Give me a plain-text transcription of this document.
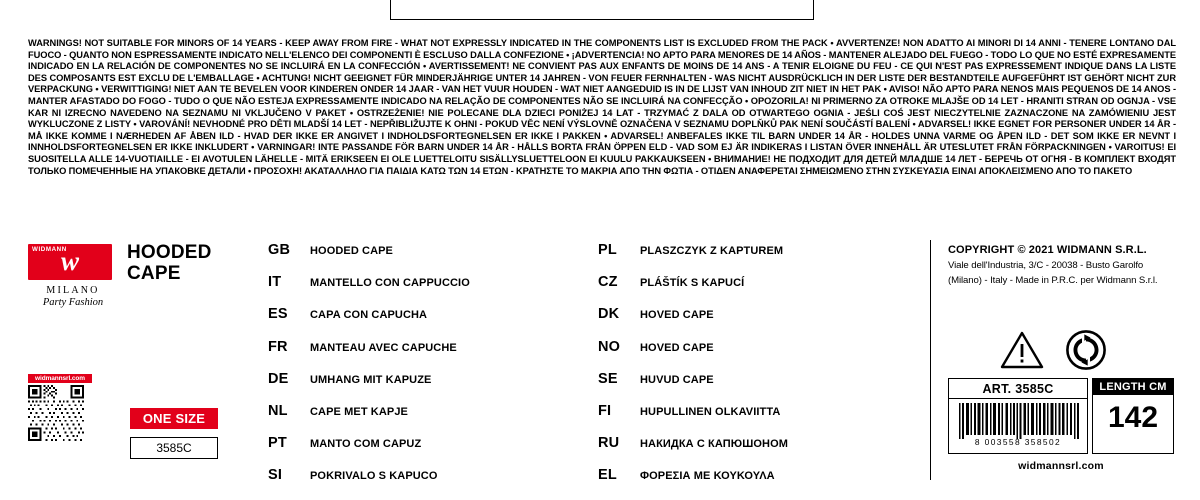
WARNINGS! NOT SUITABLE FOR MINORS OF 14 YEARS - KEEP AWAY FROM FIRE - WHAT NOT EXPRESSLY INDICATED IN THE COMPONENTS LIST IS EXCLUDED FROM THE PACK • AVVERTENZE! NON ADATTO AI MINORI DI 14 ANNI - TENERE LONTANO DAL FUOCO - QUANTO NON ESPRESSAMENTE INDICATO NELL'ELENCO DEI COMPONENTI È ESCLUSO DALLA CONFEZIONE • ¡ADVERTENCIA! NO APTO PARA MENORES DE 14 AÑOS - MANTENER ALEJADO DEL FUEGO - TODO LO QUE NO ESTÉ EXPRESAMENTE INDICADO EN LA RELACIÓN DE COMPONENTES NO SE INCLUIRÁ EN LA CONFECCIÓN • AVERTISSEMENT! NE CONVIENT PAS AUX ENFANTS DE MOINS DE 14 ANS - A TENIR ELOIGNE DU FEU - CE QUI N'EST PAS EXPRESSEMENT INDIQUE DANS LA LISTE DES COMPOSANTS EST EXCLU DE L'EMBALLAGE • ACHTUNG! NICHT GEEIGNET FÜR MINDERJÄHRIGE UNTER 14 JAHREN - VON FEUER FERNHALTEN - WAS NICHT AUSDRÜCKLICH IN DER LISTE DER BESTANDTEILE AUFGEFÜHRT IST GEHÖRT NICHT ZUR VERPACKUNG • VERWITTIGING! NIET AAN TE BEVELEN VOOR KINDEREN ONDER 14 JAAR - VAN HET VUUR HOUDEN - WAT NIET AANGEDUID IS IN DE LIJST VAN INHOUD ZIT NIET IN HET PAK • AVISO! NÃO APTO PARA NENOS MAIS PEQUENOS DE 14 ANOS - MANTER AFASTADO DO FOGO - TUDO O QUE NÃO ESTEJA EXPRESSAMENTE INDICADO NA RELAÇÃO DE COMPONENTES NÃO SE INCLUIRÁ NA CONFECÇÃO • OPOZORILA! NI PRIMERNO ZA OTROKE MLAJŠE OD 14 LET - HRANITI STRAN OD OGNJA - VSE KAR NI IZRECNO NAVEDENO NA SEZNAMU NI VKLJUČENO V PAKET • OSTRZEŻENIE! NIE POLECANE DLA DZIECI PONIŻEJ 14 LAT - TRZYMAĆ Z DALA OD OTWARTEGO OGNIA - JEŚLI COŚ JEST NIECZYTELNIE ZAZNACZONE NA ZAMÓWIENIU JEST WYKLUCZONE Z LISTY • VAROVÁNÍ! NEVHODNÉ PRO DĚTI MLADŠÍ 14 LET - NEPŘIBLIŽUJTE K OHNI - POKUD VĚC NENÍ VÝSLOVNĚ OZNAČENA V SEZNAMU DOPLŇKŮ PAK NENÍ SOUČÁSTÍ BALENÍ • ADVARSEL! IKKE EGNET FOR PERSONER UNDER 14 ÅR - MÅ IKKE KOMME I NÆRHEDEN AF ÅBEN ILD - HVAD DER IKKE ER ANGIVET I INDHOLDSFORTEGNELSEN ER IKKE I PAKKEN • ADVARSEL! ANBEFALES IKKE TIL BARN UNDER 14 ÅR - HOLDES UNNA VARME OG ÅPEN ILD - DET SOM IKKE ER NEVNT I INNHOLDSFORTEGNELSEN ER IKKE INKLUDERT • VARNINGAR! INTE PASSANDE FÖR BARN UNDER 14 ÅR - HÅLLS BORTA FRÅN ÖPPEN ELD - VAD SOM EJ ÄR INDIKERAS I LISTAN ÖVER INNEHÅLL ÄR UTESLUTET FRÅN FÖRPACKNINGEN • VAROITUS! EI SUOSITELLA ALLE 14-VUOTIAILLE - EI AVOTULEN LÄHELLE - MITÄ ERIKSEEN EI OLE LUETTELOITU SISÄLLYSLUETTELOON EI KUULU PAKKAUKSEEN • ВНИМАНИЕ! НЕ ПОДХОДИТ ДЛЯ ДЕТЕЙ МЛАДШЕ 14 ЛЕТ - БЕРЕЧЬ ОТ ОГНЯ - В КОМПЛЕКТ ВХОДЯТ ТОЛЬКО ПОМЕЧЕННЫЕ НА УПАКОВКЕ ДЕТАЛИ • ΠΡΟΣΟΧΗ! ΑΚΑΤΑΛΛΗΛΟ ΓΙΑ ΠΑΙΔΙΑ ΚΑΤΩ ΤΩΝ 14 ΕΤΩΝ - ΚΡΑΤΗΣΤΕ ΤΟ ΜΑΚΡΙΑ ΑΠΟ ΤΗΝ ΦΩΤΙΑ - ΟΤΙΔΕΝ ΑΝΑΦΕΡΕΤΑΙ ΣΗΜΕΙΩΜΕΝΟ ΣΤΗΝ ΣΥΣΚΕΥΑΣΙΑ ΕΙΝΑΙ ΑΠΟΚΛΕΙΣΜΕΝΟ ΑΠΟ ΤΟ ΠΑΚΕΤΟ
WIDMANN
w
MILANO
Party Fashion
HOODED CAPE
widmannsrl.com
ONE SIZE
3585C
GB	HOODED CAPE
IT	MANTELLO CON CAPPUCCIO
ES	CAPA CON CAPUCHA
FR	MANTEAU AVEC CAPUCHE
DE	UMHANG MIT KAPUZE
NL	CAPE MET KAPJE
PT	MANTO COM CAPUZ
SI	POKRIVALO S KAPUCO
PL	PLASZCZYK Z KAPTUREM
CZ	PLÁŠTÍK S KAPUCÍ
DK	HOVED CAPE
NO	HOVED CAPE
SE	HUVUD CAPE
FI	HUPULLINEN OLKAVIITTA
RU	НАКИДКА С КАПЮШОНОМ
EL	ΦΟΡΕΣΙΑ ΜΕ ΚΟΥΚΟΥΛΑ
COPYRIGHT © 2021 WIDMANN S.R.L.
Viale dell'Industria, 3/C - 20038 - Busto Garolfo
(Milano) - Italy - Made in P.R.C. per Widmann S.r.l.
ART. 3585C
8 003558 358502
LENGTH CM
142
widmannsrl.com
